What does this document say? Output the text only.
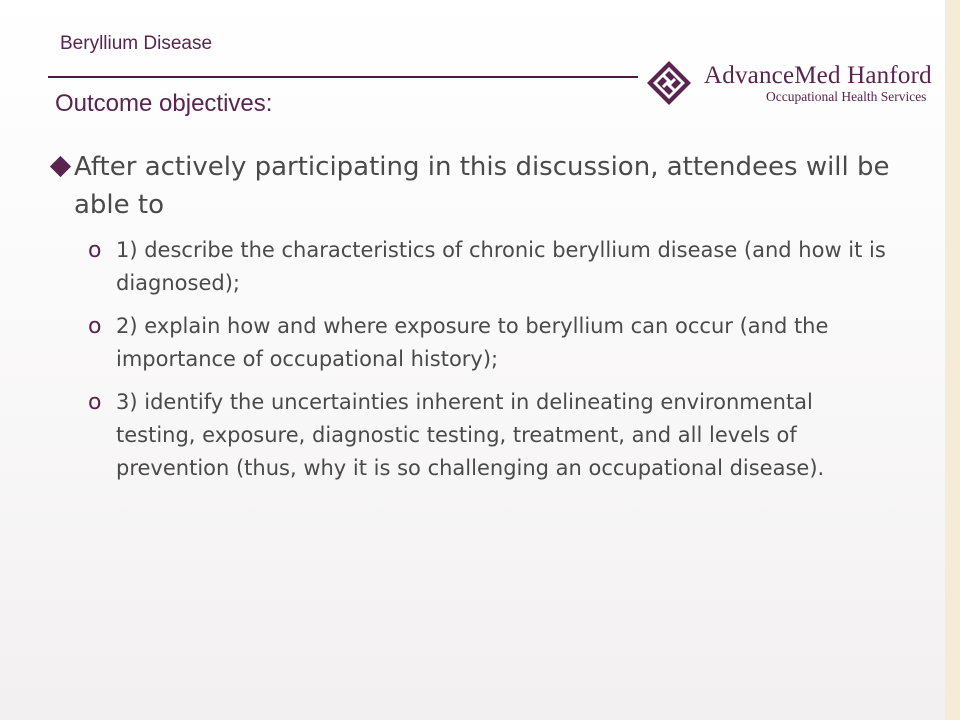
Beryllium Disease
AdvanceMed Hanford
Occupational Health Services
Outcome objectives:
After actively participating in this discussion, attendees will be able to
o 1) describe the characteristics of chronic beryllium disease (and how it is diagnosed);
o 2) explain how and where exposure to beryllium can occur (and the importance of occupational history);
o 3) identify the uncertainties inherent in delineating environmental testing, exposure, diagnostic testing, treatment, and all levels of prevention (thus, why it is so challenging an occupational disease).
